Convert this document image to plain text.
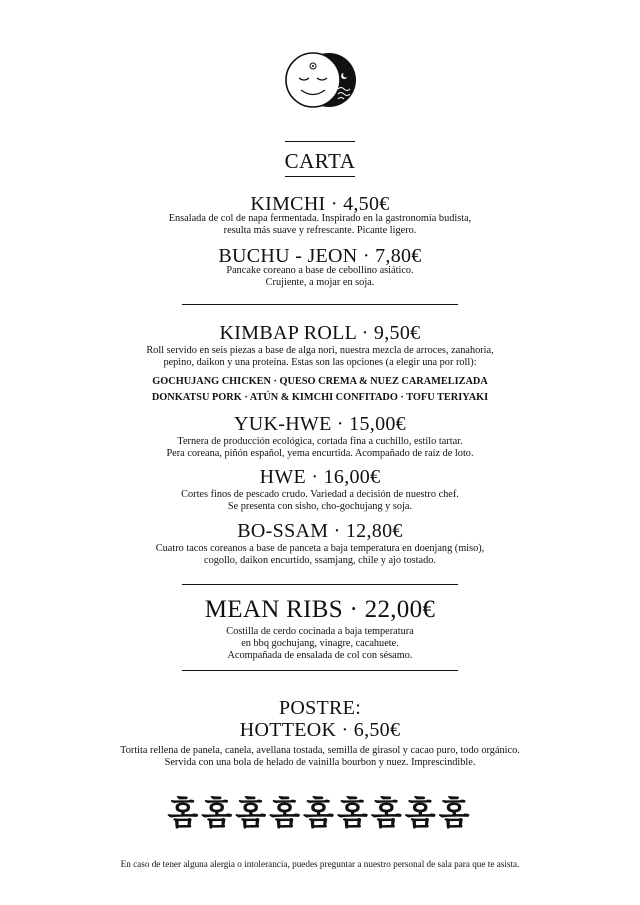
CARTA
KIMCHI · 4,50€
Ensalada de col de napa fermentada. Inspirado en la gastronomía budista,
resulta más suave y refrescante. Picante ligero.
BUCHU - JEON · 7,80€
Pancake coreano a base de cebollino asiático.
Crujiente, a mojar en soja.
KIMBAP ROLL · 9,50€
Roll servido en seis piezas a base de alga nori, nuestra mezcla de arroces, zanahoria,
pepino, daikon y una proteína. Estas son las opciones (a elegir una por roll):
GOCHUJANG CHICKEN · QUESO CREMA & NUEZ CARAMELIZADA
DONKATSU PORK · ATÚN & KIMCHI CONFITADO · TOFU TERIYAKI
YUK-HWE · 15,00€
Ternera de producción ecológica, cortada fina a cuchillo, estilo tartar.
Pera coreana, piñón español, yema encurtida. Acompañado de raíz de loto.
HWE · 16,00€
Cortes finos de pescado crudo. Variedad a decisión de nuestro chef.
Se presenta con sisho, cho-gochujang y soja.
BO-SSAM · 12,80€
Cuatro tacos coreanos a base de panceta a baja temperatura en doenjang (miso),
cogollo, daikon encurtido, ssamjang, chile y ajo tostado.
MEAN RIBS · 22,00€
Costilla de cerdo cocinada a baja temperatura
en bbq gochujang, vinagre, cacahuete.
Acompañada de ensalada de col con sésamo.
POSTRE:
HOTTEOK · 6,50€
Tortita rellena de panela, canela, avellana tostada, semilla de girasol y cacao puro, todo orgánico.
Servida con una bola de helado de vainilla bourbon y nuez. Imprescindible.
홈홈홈홈홈홈홈홈홈
En caso de tener alguna alergia o intolerancia, puedes preguntar a nuestro personal de sala para que te asista.
